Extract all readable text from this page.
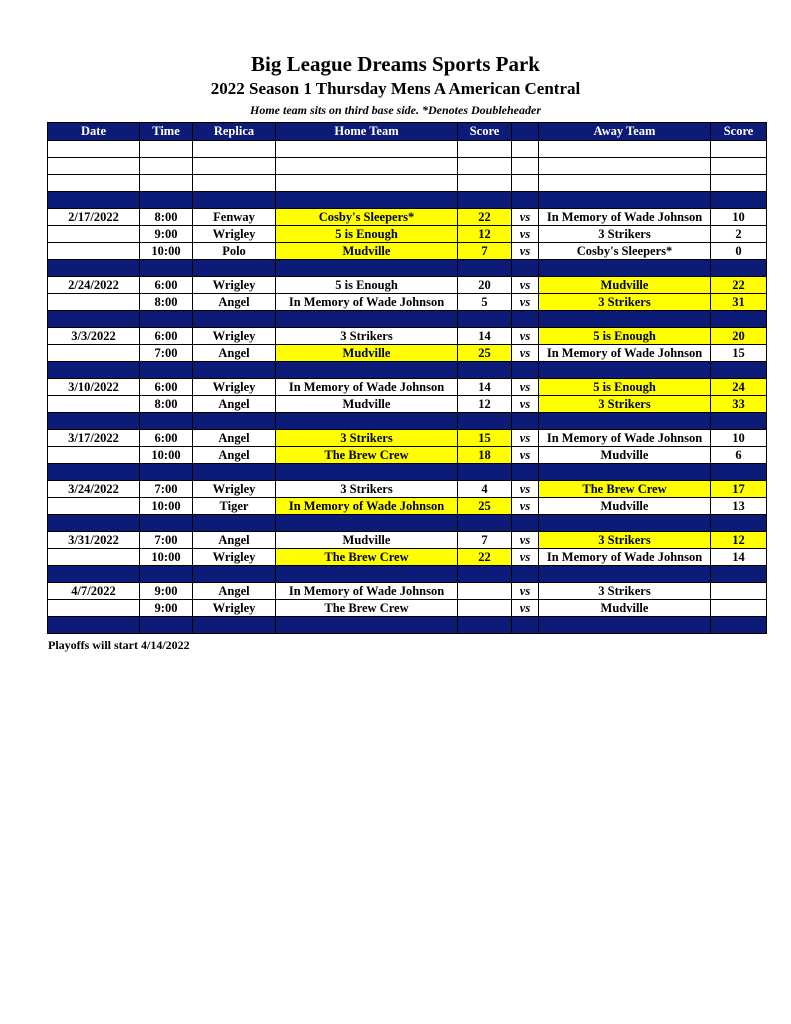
Big League Dreams Sports Park
2022 Season 1 Thursday Mens A American Central
Home team sits on third base side. *Denotes Doubleheader
Date	Time	Replica	Home Team	Score		Away Team	Score

2/17/2022	8:00	Fenway	Cosby's Sleepers*	22	vs	In Memory of Wade Johnson	10
	9:00	Wrigley	5 is Enough	12	vs	3 Strikers	2
	10:00	Polo	Mudville	7	vs	Cosby's Sleepers*	0

2/24/2022	6:00	Wrigley	5 is Enough	20	vs	Mudville	22
	8:00	Angel	In Memory of Wade Johnson	5	vs	3 Strikers	31

3/3/2022	6:00	Wrigley	3 Strikers	14	vs	5 is Enough	20
	7:00	Angel	Mudville	25	vs	In Memory of Wade Johnson	15

3/10/2022	6:00	Wrigley	In Memory of Wade Johnson	14	vs	5 is Enough	24
	8:00	Angel	Mudville	12	vs	3 Strikers	33

3/17/2022	6:00	Angel	3 Strikers	15	vs	In Memory of Wade Johnson	10
	10:00	Angel	The Brew Crew	18	vs	Mudville	6

3/24/2022	7:00	Wrigley	3 Strikers	4	vs	The Brew Crew	17
	10:00	Tiger	In Memory of Wade Johnson	25	vs	Mudville	13

3/31/2022	7:00	Angel	Mudville	7	vs	3 Strikers	12
	10:00	Wrigley	The Brew Crew	22	vs	In Memory of Wade Johnson	14

4/7/2022	9:00	Angel	In Memory of Wade Johnson		vs	3 Strikers	
	9:00	Wrigley	The Brew Crew		vs	Mudville	

Playoffs will start 4/14/2022
